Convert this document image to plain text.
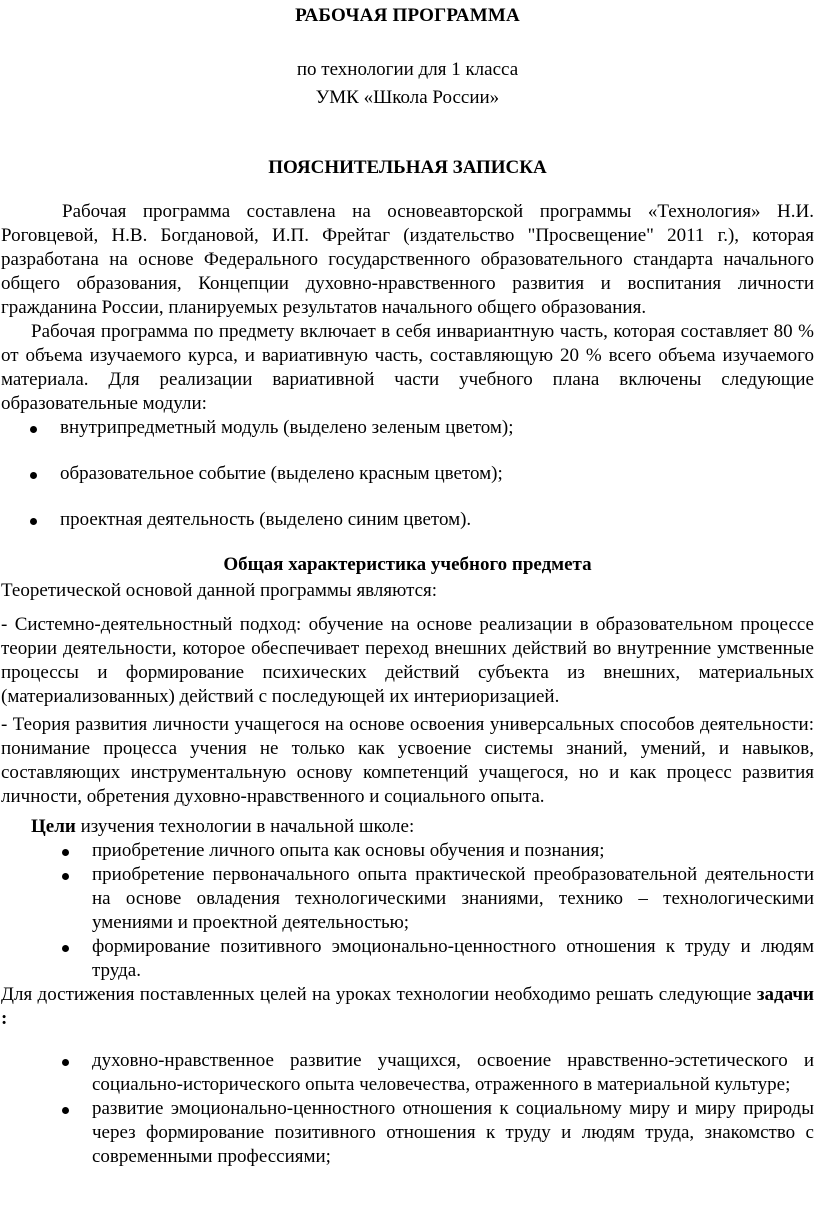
РАБОЧАЯ ПРОГРАММА
по технологии для 1 класса
УМК «Школа России»
ПОЯСНИТЕЛЬНАЯ ЗАПИСКА

Рабочая программа составлена на основеавторской программы «Технология» Н.И. Роговцевой, Н.В. Богдановой, И.П. Фрейтаг (издательство "Просвещение" 2011 г.), которая разработана на основе Федерального государственного образовательного стандарта начального общего образования, Концепции духовно-нравственного развития и воспитания личности гражданина России, планируемых результатов начального общего образования.

Рабочая программа по предмету включает в себя инвариантную часть, которая составляет 80 % от объема изучаемого курса, и вариативную часть, составляющую 20 % всего объема изучаемого материала. Для реализации вариативной части учебного плана включены следующие образовательные модули:

внутрипредметный модуль (выделено зеленым цветом);
образовательное событие (выделено красным цветом);
проектная деятельность (выделено синим цветом).
Общая характеристика учебного предмета

Теоретической основой данной программы являются:

- Системно-деятельностный подход: обучение на основе реализации в образовательном процессе теории деятельности, которое обеспечивает переход внешних действий во внутренние умственные процессы и формирование психических действий субъекта из внешних, материальных (материализованных) действий с последующей их интериоризацией.

- Теория развития личности учащегося на основе освоения универсальных способов деятельности: понимание процесса учения не только как усвоение системы знаний, умений, и навыков, составляющих инструментальную основу компетенций учащегося, но и как процесс развития личности, обретения духовно-нравственного и социального опыта.

Цели изучения технологии в начальной школе:

приобретение личного опыта как основы обучения и познания;
приобретение первоначального опыта практической преобразовательной деятельности на основе овладения технологическими знаниями, технико – технологическими умениями и проектной деятельностью;
формирование позитивного эмоционально-ценностного отношения к труду и людям труда.

Для достижения поставленных целей на уроках технологии необходимо решать следующие задачи :

духовно-нравственное развитие учащихся, освоение нравственно-эстетического и социально-исторического опыта человечества, отраженного в материальной культуре;
развитие эмоционально-ценностного отношения к социальному миру и миру природы через формирование позитивного отношения к труду и людям труда, знакомство с современными профессиями;
